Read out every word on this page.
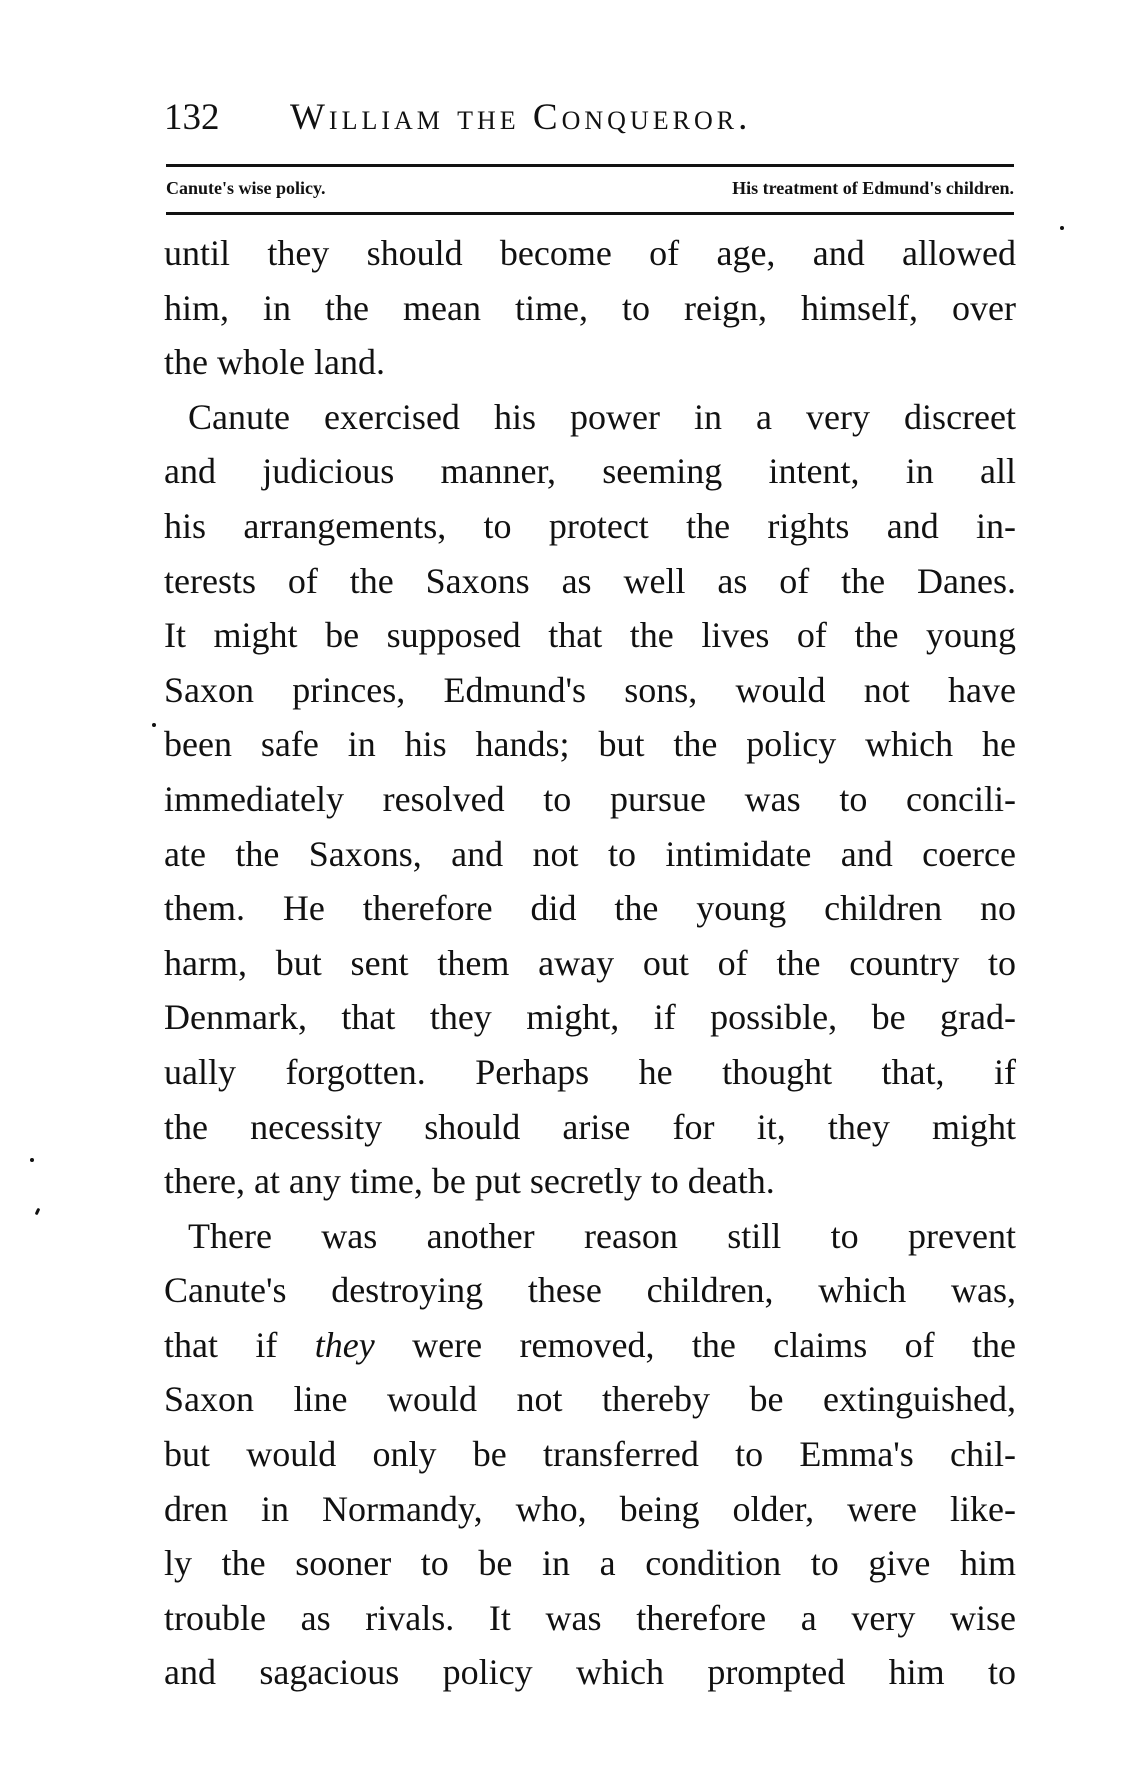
132 William the Conqueror.
Canute's wise policy.	His treatment of Edmund's children.
until they should become of age, and allowed
him, in the mean time, to reign, himself, over
the whole land.
Canute exercised his power in a very discreet
and judicious manner, seeming intent, in all
his arrangements, to protect the rights and in-
terests of the Saxons as well as of the Danes.
It might be supposed that the lives of the young
Saxon princes, Edmund's sons, would not have
been safe in his hands; but the policy which he
immediately resolved to pursue was to concili-
ate the Saxons, and not to intimidate and coerce
them. He therefore did the young children no
harm, but sent them away out of the country to
Denmark, that they might, if possible, be grad-
ually forgotten. Perhaps he thought that, if
the necessity should arise for it, they might
there, at any time, be put secretly to death.
There was another reason still to prevent
Canute's destroying these children, which was,
that if they were removed, the claims of the
Saxon line would not thereby be extinguished,
but would only be transferred to Emma's chil-
dren in Normandy, who, being older, were like-
ly the sooner to be in a condition to give him
trouble as rivals. It was therefore a very wise
and sagacious policy which prompted him to
